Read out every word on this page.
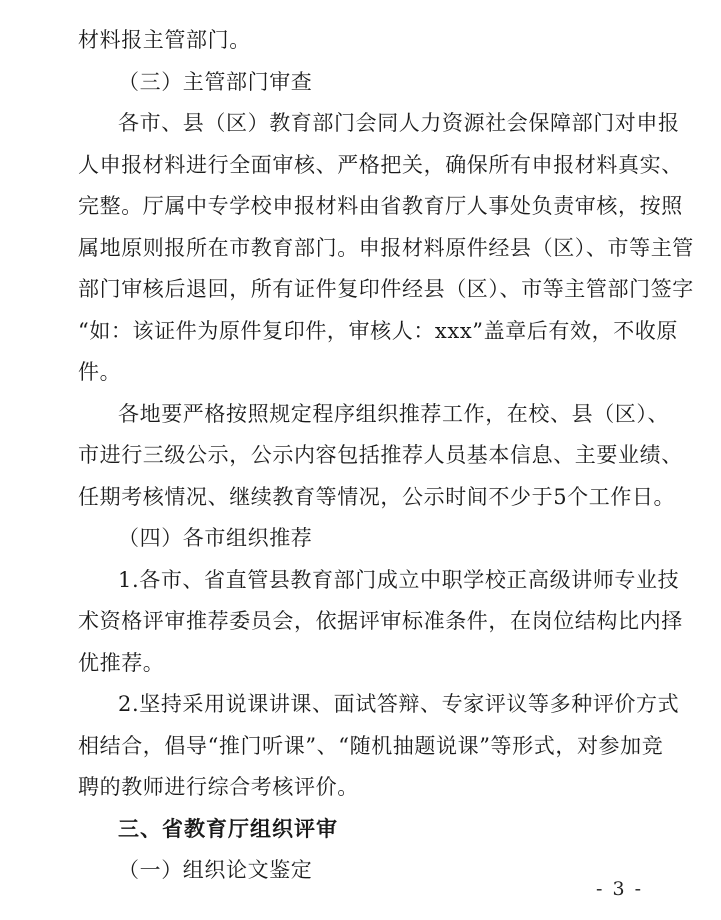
材料报主管部门。
（三）主管部门审查
各市、县（区）教育部门会同人力资源社会保障部门对申报
人申报材料进行全面审核、严格把关，确保所有申报材料真实、
完整。厅属中专学校申报材料由省教育厅人事处负责审核，按照
属地原则报所在市教育部门。申报材料原件经县（区）、市等主管
部门审核后退回，所有证件复印件经县（区）、市等主管部门签字
“如：该证件为原件复印件，审核人：xxx”盖章后有效，不收原
件。
各地要严格按照规定程序组织推荐工作，在校、县（区）、
市进行三级公示，公示内容包括推荐人员基本信息、主要业绩、
任期考核情况、继续教育等情况，公示时间不少于5个工作日。
（四）各市组织推荐
1.各市、省直管县教育部门成立中职学校正高级讲师专业技
术资格评审推荐委员会，依据评审标准条件，在岗位结构比内择
优推荐。
2.坚持采用说课讲课、面试答辩、专家评议等多种评价方式
相结合，倡导“推门听课”、“随机抽题说课”等形式，对参加竞
聘的教师进行综合考核评价。
三、省教育厅组织评审
（一）组织论文鉴定
- 3 -
